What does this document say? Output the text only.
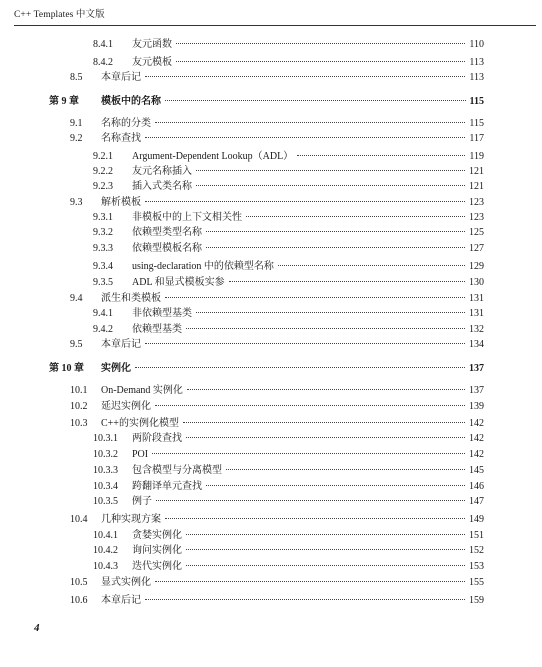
C++ Templates 中文版
8.4.1	友元函数	110
8.4.2	友元模板	113
8.5	本章后记	113
第 9 章	模板中的名称	115
9.1	名称的分类	115
9.2	名称查找	117
9.2.1	Argument-Dependent Lookup（ADL）	119
9.2.2	友元名称插入	121
9.2.3	插入式类名称	121
9.3	解析模板	123
9.3.1	非模板中的上下文相关性	123
9.3.2	依赖型类型名称	125
9.3.3	依赖型模板名称	127
9.3.4	using-declaration 中的依赖型名称	129
9.3.5	ADL 和显式模板实参	130
9.4	派生和类模板	131
9.4.1	非依赖型基类	131
9.4.2	依赖型基类	132
9.5	本章后记	134
第 10 章	实例化	137
10.1	On-Demand 实例化	137
10.2	延迟实例化	139
10.3	C++的实例化模型	142
10.3.1	两阶段查找	142
10.3.2	POI	142
10.3.3	包含模型与分离模型	145
10.3.4	跨翻译单元查找	146
10.3.5	例子	147
10.4	几种实现方案	149
10.4.1	贪婪实例化	151
10.4.2	询问实例化	152
10.4.3	迭代实例化	153
10.5	显式实例化	155
10.6	本章后记	159
4
